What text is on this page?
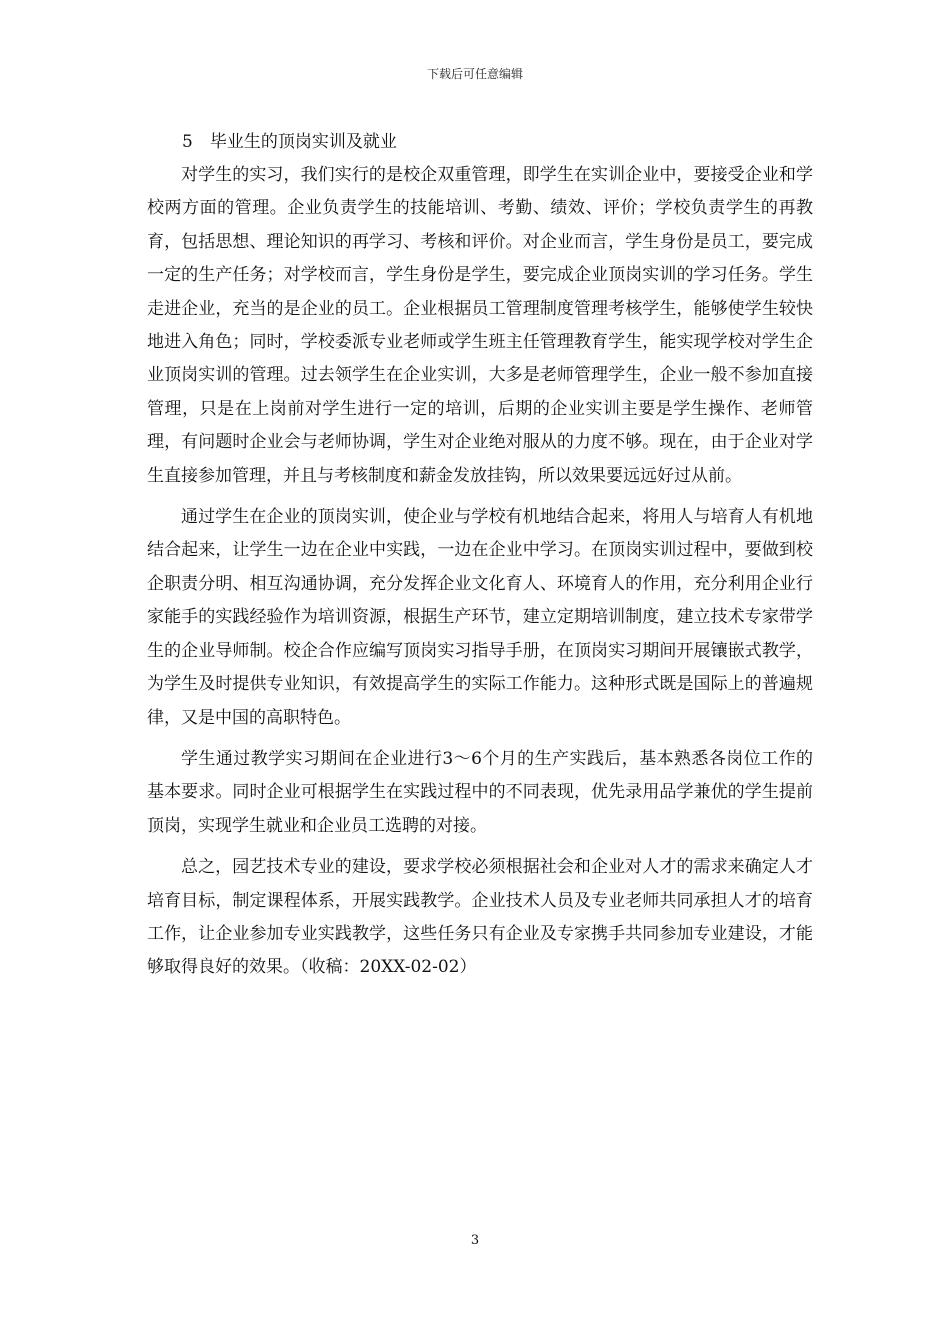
下载后可任意编辑
5　毕业生的顶岗实训及就业

对学生的实习，我们实行的是校企双重管理，即学生在实训企业中，要接受企业和学校两方面的管理。企业负责学生的技能培训、考勤、绩效、评价；学校负责学生的再教育，包括思想、理论知识的再学习、考核和评价。对企业而言，学生身份是员工，要完成一定的生产任务；对学校而言，学生身份是学生，要完成企业顶岗实训的学习任务。学生走进企业，充当的是企业的员工。企业根据员工管理制度管理考核学生，能够使学生较快地进入角色；同时，学校委派专业老师或学生班主任管理教育学生，能实现学校对学生企业顶岗实训的管理。过去领学生在企业实训，大多是老师管理学生，企业一般不参加直接管理，只是在上岗前对学生进行一定的培训，后期的企业实训主要是学生操作、老师管理，有问题时企业会与老师协调，学生对企业绝对服从的力度不够。现在，由于企业对学生直接参加管理，并且与考核制度和薪金发放挂钩，所以效果要远远好过从前。

通过学生在企业的顶岗实训，使企业与学校有机地结合起来，将用人与培育人有机地结合起来，让学生一边在企业中实践，一边在企业中学习。在顶岗实训过程中，要做到校企职责分明、相互沟通协调，充分发挥企业文化育人、环境育人的作用，充分利用企业行家能手的实践经验作为培训资源，根据生产环节，建立定期培训制度，建立技术专家带学生的企业导师制。校企合作应编写顶岗实习指导手册，在顶岗实习期间开展镶嵌式教学，为学生及时提供专业知识，有效提高学生的实际工作能力。这种形式既是国际上的普遍规律，又是中国的高职特色。

学生通过教学实习期间在企业进行3～6个月的生产实践后，基本熟悉各岗位工作的基本要求。同时企业可根据学生在实践过程中的不同表现，优先录用品学兼优的学生提前顶岗，实现学生就业和企业员工选聘的对接。

总之，园艺技术专业的建设，要求学校必须根据社会和企业对人才的需求来确定人才培育目标，制定课程体系，开展实践教学。企业技术人员及专业老师共同承担人才的培育工作，让企业参加专业实践教学，这些任务只有企业及专家携手共同参加专业建设，才能够取得良好的效果。（收稿：20XX-02-02）

3
